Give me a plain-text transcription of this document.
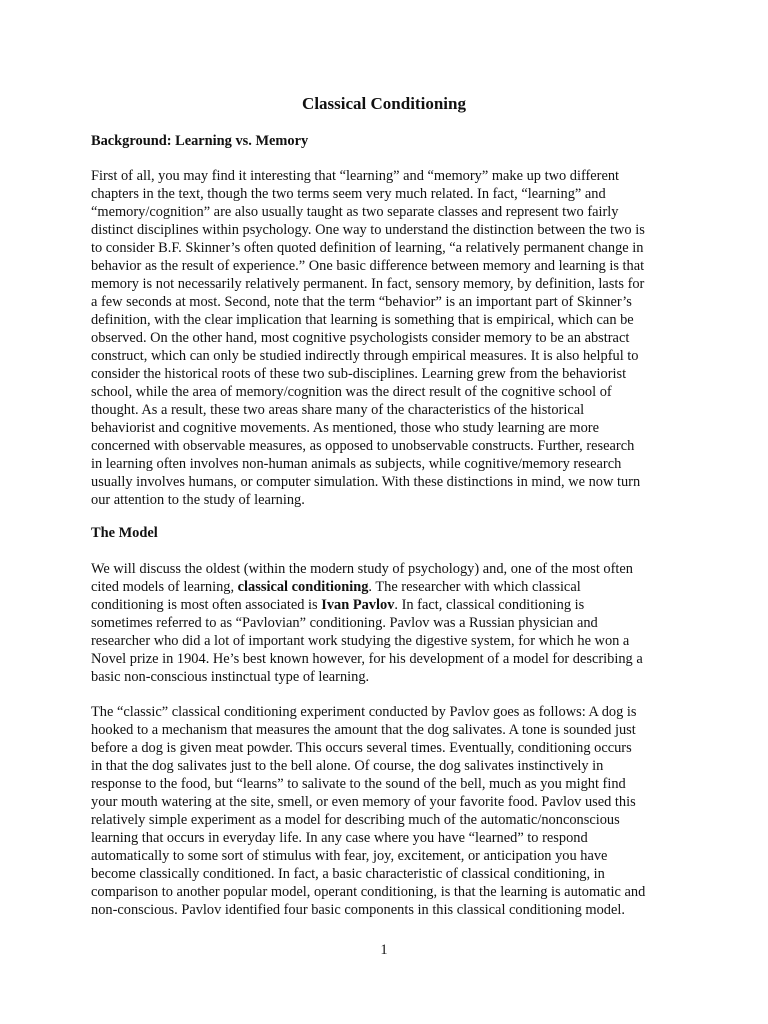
Classical Conditioning
Background: Learning vs. Memory

First of all, you may find it interesting that “learning” and “memory” make up two different
chapters in the text, though the two terms seem very much related. In fact, “learning” and
“memory/cognition” are also usually taught as two separate classes and represent two fairly
distinct disciplines within psychology. One way to understand the distinction between the two is
to consider B.F. Skinner’s often quoted definition of learning, “a relatively permanent change in
behavior as the result of experience.” One basic difference between memory and learning is that
memory is not necessarily relatively permanent. In fact, sensory memory, by definition, lasts for
a few seconds at most. Second, note that the term “behavior” is an important part of Skinner’s
definition, with the clear implication that learning is something that is empirical, which can be
observed. On the other hand, most cognitive psychologists consider memory to be an abstract
construct, which can only be studied indirectly through empirical measures. It is also helpful to
consider the historical roots of these two sub-disciplines. Learning grew from the behaviorist
school, while the area of memory/cognition was the direct result of the cognitive school of
thought. As a result, these two areas share many of the characteristics of the historical
behaviorist and cognitive movements. As mentioned, those who study learning are more
concerned with observable measures, as opposed to unobservable constructs. Further, research
in learning often involves non-human animals as subjects, while cognitive/memory research
usually involves humans, or computer simulation. With these distinctions in mind, we now turn
our attention to the study of learning.

The Model

We will discuss the oldest (within the modern study of psychology) and, one of the most often
cited models of learning, classical conditioning. The researcher with which classical
conditioning is most often associated is Ivan Pavlov. In fact, classical conditioning is
sometimes referred to as “Pavlovian” conditioning. Pavlov was a Russian physician and
researcher who did a lot of important work studying the digestive system, for which he won a
Novel prize in 1904. He’s best known however, for his development of a model for describing a
basic non-conscious instinctual type of learning.

The “classic” classical conditioning experiment conducted by Pavlov goes as follows: A dog is
hooked to a mechanism that measures the amount that the dog salivates. A tone is sounded just
before a dog is given meat powder. This occurs several times. Eventually, conditioning occurs
in that the dog salivates just to the bell alone. Of course, the dog salivates instinctively in
response to the food, but “learns” to salivate to the sound of the bell, much as you might find
your mouth watering at the site, smell, or even memory of your favorite food. Pavlov used this
relatively simple experiment as a model for describing much of the automatic/nonconscious
learning that occurs in everyday life. In any case where you have “learned” to respond
automatically to some sort of stimulus with fear, joy, excitement, or anticipation you have
become classically conditioned. In fact, a basic characteristic of classical conditioning, in
comparison to another popular model, operant conditioning, is that the learning is automatic and
non-conscious. Pavlov identified four basic components in this classical conditioning model.

1
